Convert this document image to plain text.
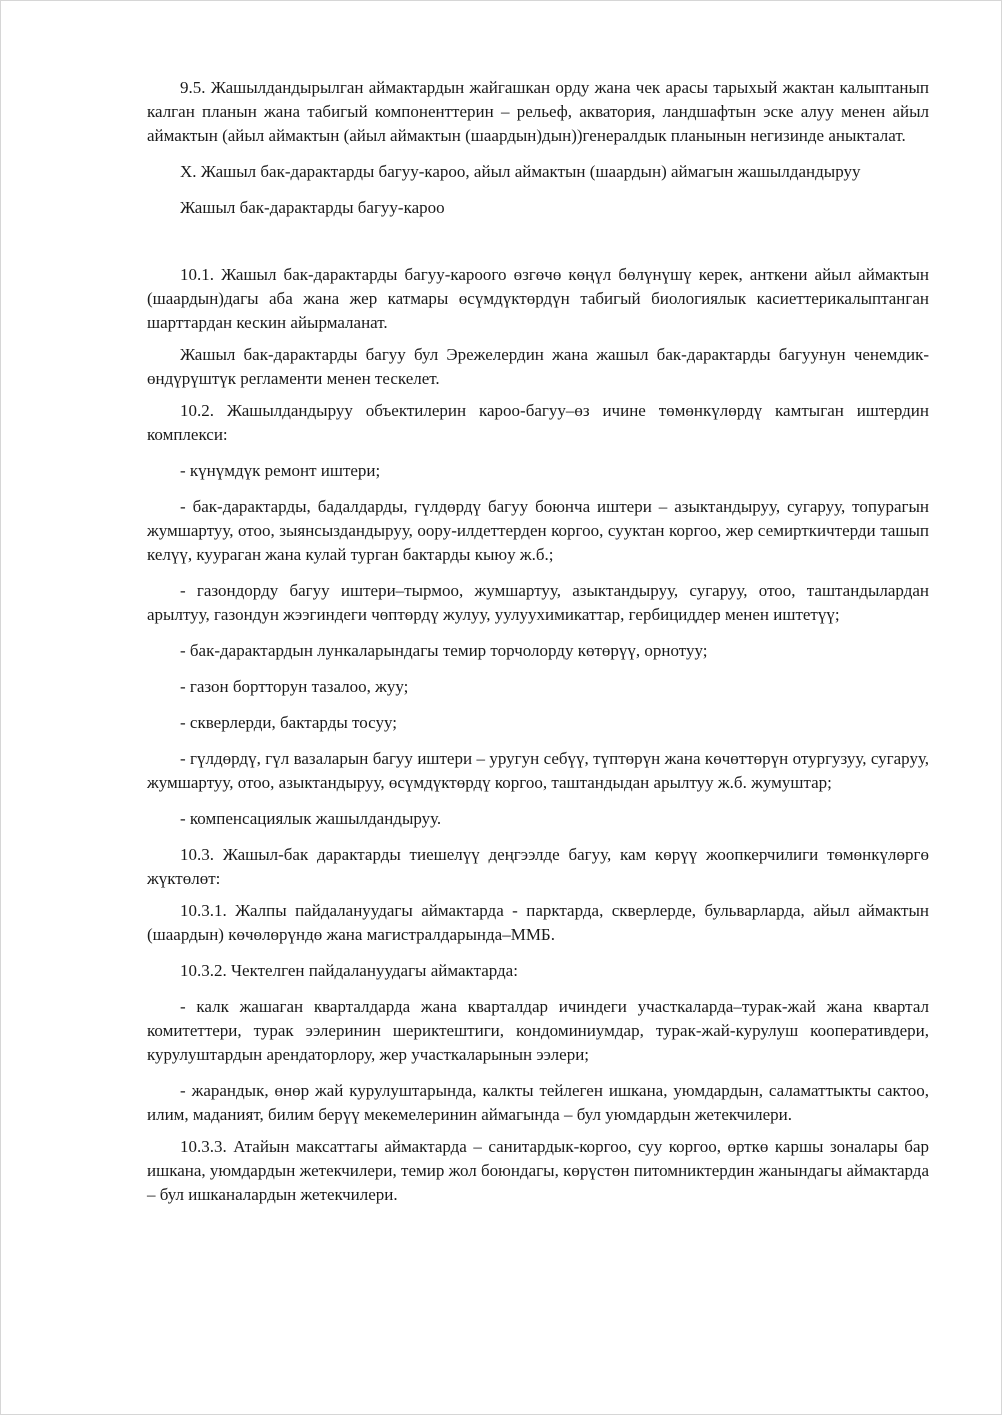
9.5. Жашылдандырылган аймактардын жайгашкан орду жана чек арасы тарыхый жактан калыптанып калган планын жана табигый компоненттерин – рельеф, акватория, ландшафтын эске алуу менен айыл аймактын (айыл аймактын (айыл аймактын (шаардын)дын))генералдык планынын негизинде аныкталат.

X. Жашыл бак-дарактарды багуу-кароо, айыл аймактын (шаардын) аймагын жашылдандыруу

Жашыл бак-дарактарды багуу-кароо

10.1. Жашыл бак-дарактарды багуу-кароого өзгөчө көңүл бөлүнүшү керек, анткени айыл аймактын (шаардын)дагы аба жана жер катмары өсүмдүктөрдүн табигый биологиялык касиеттерикалыптанган шарттардан кескин айырмаланат.

Жашыл бак-дарактарды багуу бул Эрежелердин жана жашыл бак-дарактарды багуунун ченемдик-өндүрүштүк регламенти менен тескелет.

10.2. Жашылдандыруу объектилерин кароо-багуу–өз ичине төмөнкүлөрдү камтыган иштердин комплекси:

- күнүмдүк ремонт иштери;

- бак-дарактарды, бадалдарды, гүлдөрдү багуу боюнча иштери – азыктандыруу, сугаруу, топурагын жумшартуу, отоо, зыянсыздандыруу, оору-илдеттерден коргоо, сууктан коргоо, жер семирткичтерди ташып келүү, куураган жана кулай турган бактарды кыюу ж.б.;

- газондорду багуу иштери–тырмоо, жумшартуу, азыктандыруу, сугаруу, отоо, таштандылардан арылтуу, газондун жээгиндеги чөптөрдү жулуу, уулуухимикаттар, гербициддер менен иштетүү;

- бак-дарактардын лункаларындагы темир торчолорду көтөрүү, орнотуу;

- газон бортторун тазалоо, жуу;

- скверлерди, бактарды тосуу;

- гүлдөрдү, гүл вазаларын багуу иштери – уругун себүү, түптөрүн жана көчөттөрүн отургузуу, сугаруу, жумшартуу, отоо, азыктандыруу, өсүмдүктөрдү коргоо, таштандыдан арылтуу ж.б. жумуштар;

- компенсациялык жашылдандыруу.

10.3. Жашыл-бак дарактарды тиешелүү деңгээлде багуу, кам көрүү жоопкерчилиги төмөнкүлөргө жүктөлөт:

10.3.1. Жалпы пайдалануудагы аймактарда - парктарда, скверлерде, бульварларда, айыл аймактын (шаардын) көчөлөрүндө жана магистралдарында–ММБ.

10.3.2. Чектелген пайдалануудагы аймактарда:

- калк жашаган кварталдарда жана кварталдар ичиндеги участкаларда–турак-жай жана квартал комитеттери, турак ээлеринин шериктештиги, кондоминиумдар, турак-жай-курулуш кооперативдери, курулуштардын арендаторлору, жер участкаларынын ээлери;

- жарандык, өнөр жай курулуштарында, калкты тейлеген ишкана, уюмдардын, саламаттыкты сактоо, илим, маданият, билим берүү мекемелеринин аймагында – бул уюмдардын жетекчилери.

10.3.3. Атайын максаттагы аймактарда – санитардык-коргоо, суу коргоо, өрткө каршы зоналары бар ишкана, уюмдардын жетекчилери, темир жол боюндагы, көрүстөн питомниктердин жанындагы аймактарда – бул ишканалардын жетекчилери.
